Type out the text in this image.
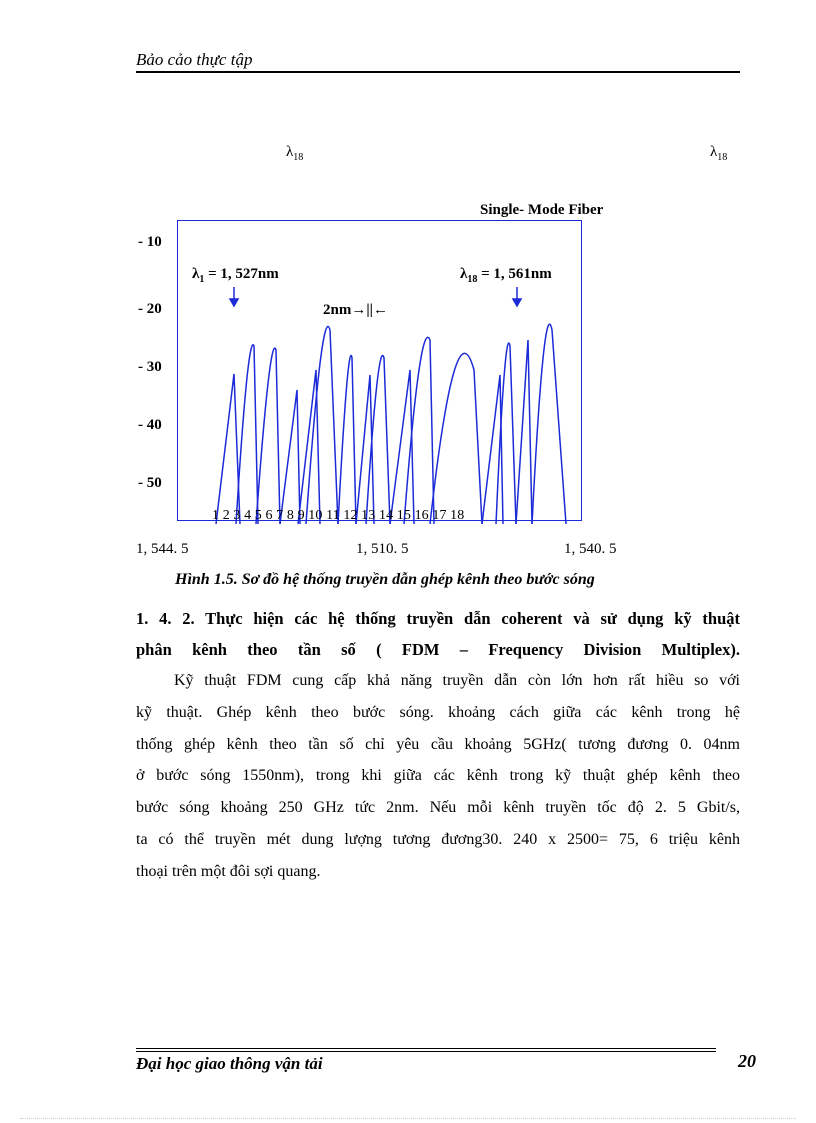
Bảo cảo thực tập
$\lambda_{18}$	$\lambda_{18}$
Single- Mode Fiber
- 10
- 20
- 30
- 40
- 50
$\lambda_1 = 1$, 527nm	$\lambda_{18} = 1$, 561nm
2nm→||←
1 2 3 4 5 6 7 8 9 10 11 12 13 14 15 16 17 18
1, 544. 5	1, 510. 5	1, 540. 5
Hình 1.5. Sơ đồ hệ thống truyền dẫn ghép kênh theo bước sóng
1. 4. 2. Thực hiện các hệ thống truyền dẫn coherent và sử dụng kỹ thuật
phân kênh theo tần số ( FDM – Frequency Division Multiplex).
Kỹ thuật FDM cung cấp khả năng truyền dẫn còn lớn hơn rất hiều so với
kỹ thuật. Ghép kênh theo bước sóng. khoảng cách giữa các kênh trong hệ
thống ghép kênh theo tần số chỉ yêu cầu khoảng 5GHz( tương đương 0. 04nm
ở bước sóng 1550nm), trong khi giữa các kênh trong kỹ thuật ghép kênh theo
bước sóng khoảng 250 GHz tức 2nm. Nếu mỗi kênh truyền tốc độ 2. 5 Gbit/s,
ta có thể truyền mét dung lượng tương đương30. 240 x 2500= 75, 6 triệu kênh
thoại trên một đôi sợi quang.
Đại học giao thông vận tải	20
